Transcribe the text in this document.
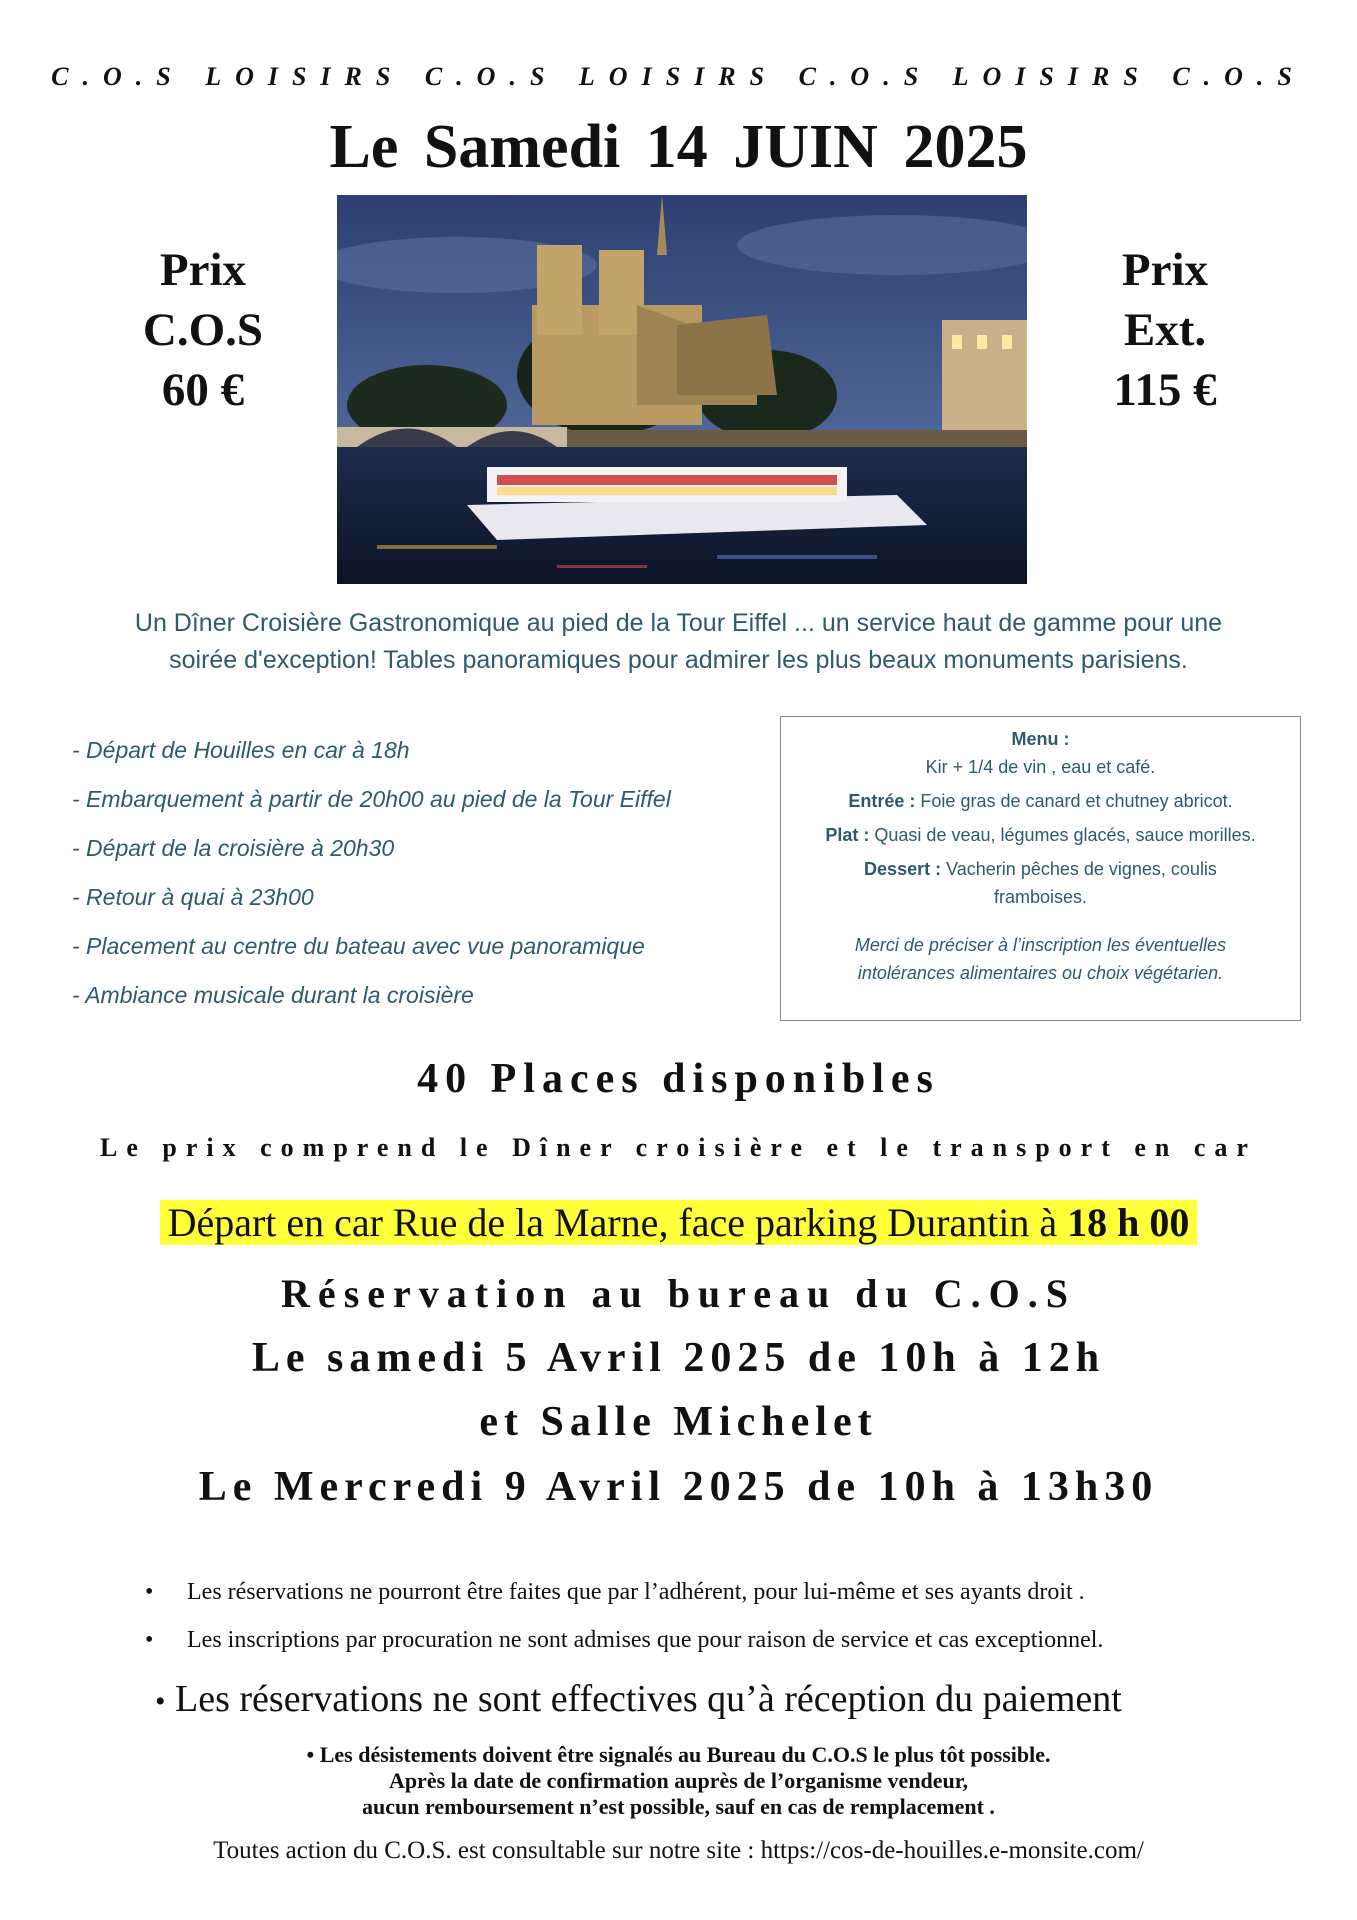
C.O.S LOISIRS C.O.S LOISIRS C.O.S LOISIRS C.O.S
Le Samedi 14 JUIN 2025
Prix
C.O.S
60 €
Prix
Ext.
115 €
Un Dîner Croisière Gastronomique au pied de la Tour Eiffel ... un service haut de gamme pour une
soirée d'exception! Tables panoramiques pour admirer les plus beaux monuments parisiens.
- Départ de Houilles en car à 18h
- Embarquement à partir de 20h00 au pied de la Tour Eiffel
- Départ de la croisière à 20h30
- Retour à quai à 23h00
- Placement au centre du bateau avec vue panoramique
- Ambiance musicale durant la croisière
Menu :
Kir + 1/4 de vin , eau et café.
Entrée : Foie gras de canard et chutney abricot.
Plat : Quasi de veau, légumes glacés, sauce morilles.
Dessert : Vacherin pêches de vignes, coulis
framboises.
Merci de préciser à l’inscription les éventuelles
intolérances alimentaires ou choix végétarien.
40 Places disponibles
Le prix comprend le Dîner croisière et le transport en car
Départ en car Rue de la Marne, face parking Durantin à 18 h 00
Réservation au bureau du C.O.S
Le samedi 5 Avril 2025 de 10h à 12h
et Salle Michelet
Le Mercredi 9 Avril 2025 de 10h à 13h30
• Les réservations ne pourront être faites que par l’adhérent, pour lui-même et ses ayants droit .
• Les inscriptions par procuration ne sont admises que pour raison de service et cas exceptionnel.
• Les réservations ne sont effectives qu’à réception du paiement
• Les désistements doivent être signalés au Bureau du C.O.S le plus tôt possible.
Après la date de confirmation auprès de l’organisme vendeur,
aucun remboursement n’est possible, sauf en cas de remplacement .
Toutes action du C.O.S. est consultable sur notre site : https://cos-de-houilles.e-monsite.com/
